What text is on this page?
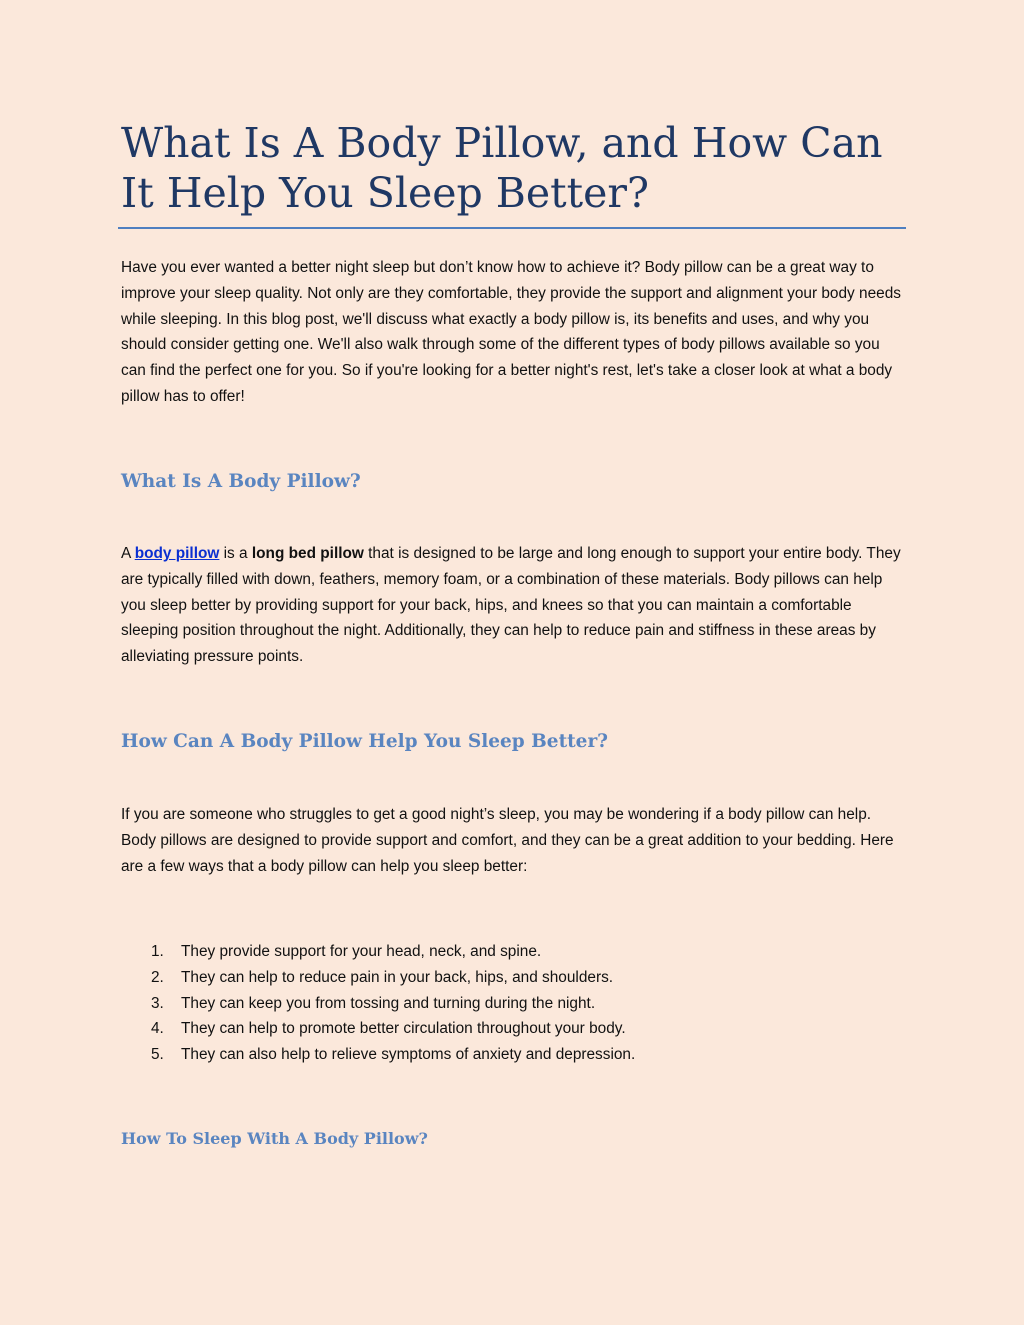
What Is A Body Pillow, and How Can It Help You Sleep Better?

Have you ever wanted a better night sleep but don’t know how to achieve it? Body pillow can be a great way to improve your sleep quality. Not only are they comfortable, they provide the support and alignment your body needs while sleeping. In this blog post, we'll discuss what exactly a body pillow is, its benefits and uses, and why you should consider getting one. We'll also walk through some of the different types of body pillows available so you can find the perfect one for you. So if you're looking for a better night's rest, let's take a closer look at what a body pillow has to offer!

What Is A Body Pillow?

A body pillow is a long bed pillow that is designed to be large and long enough to support your entire body. They are typically filled with down, feathers, memory foam, or a combination of these materials. Body pillows can help you sleep better by providing support for your back, hips, and knees so that you can maintain a comfortable sleeping position throughout the night. Additionally, they can help to reduce pain and stiffness in these areas by alleviating pressure points.

How Can A Body Pillow Help You Sleep Better?

If you are someone who struggles to get a good night’s sleep, you may be wondering if a body pillow can help. Body pillows are designed to provide support and comfort, and they can be a great addition to your bedding. Here are a few ways that a body pillow can help you sleep better:

1.	They provide support for your head, neck, and spine.
2.	They can help to reduce pain in your back, hips, and shoulders.
3.	They can keep you from tossing and turning during the night.
4.	They can help to promote better circulation throughout your body.
5.	They can also help to relieve symptoms of anxiety and depression.
How To Sleep With A Body Pillow?
